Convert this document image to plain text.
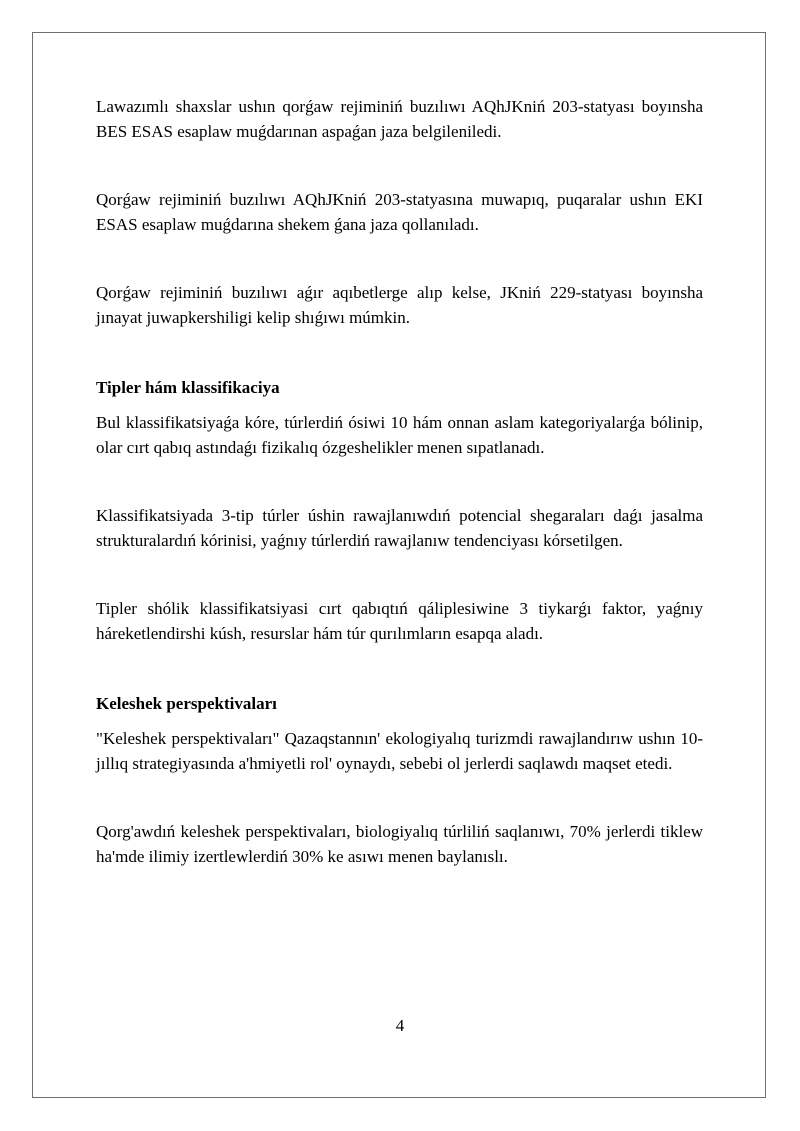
Lawazımlı shaxslar ushın qorǵaw rejiminiń buzılıwı AQhJKniń 203-statyası boyınsha BES ESAS esaplaw muǵdarınan aspaǵan jaza belgileniledi.

Qorǵaw rejiminiń buzılıwı AQhJKniń 203-statyasına muwapıq, puqaralar ushın EKI ESAS esaplaw muǵdarına shekem ǵana jaza qollanıladı.

Qorǵaw rejiminiń buzılıwı aǵır aqıbetlerge alıp kelse, JKniń 229-statyası boyınsha jınayat juwapkershiligi kelip shıǵıwı múmkin.

Tipler hám klassifikaciya

Bul klassifikatsiyaǵa kóre, túrlerdiń ósiwi 10 hám onnan aslam kategoriyalarǵa bólinip, olar cırt qabıq astındaǵı fizikalıq ózgeshelikler menen sıpatlanadı.

Klassifikatsiyada 3-tip túrler úshin rawajlanıwdıń potencial shegaraları daǵı jasalma strukturalardıń kórinisi, yaǵnıy túrlerdiń rawajlanıw tendenciyası kórsetilgen.

Tipler shólik klassifikatsiyasi cırt qabıqtıń qáliplesiwine 3 tiykarǵı faktor, yaǵnıy háreketlendirshi kúsh, resurslar hám túr qurılımların esapqa aladı.

Keleshek perspektivaları

"Keleshek perspektivaları" Qazaqstannın' ekologiyalıq turizmdi rawajlandırıw ushın 10-jıllıq strategiyasında a'hmiyetli rol' oynaydı, sebebi ol jerlerdi saqlawdı maqset etedi.

Qorg'awdıń keleshek perspektivaları, biologiyalıq túrliliń saqlanıwı, 70% jerlerdi tiklew ha'mde ilimiy izertlewlerdiń 30% ke asıwı menen baylanıslı.

4
